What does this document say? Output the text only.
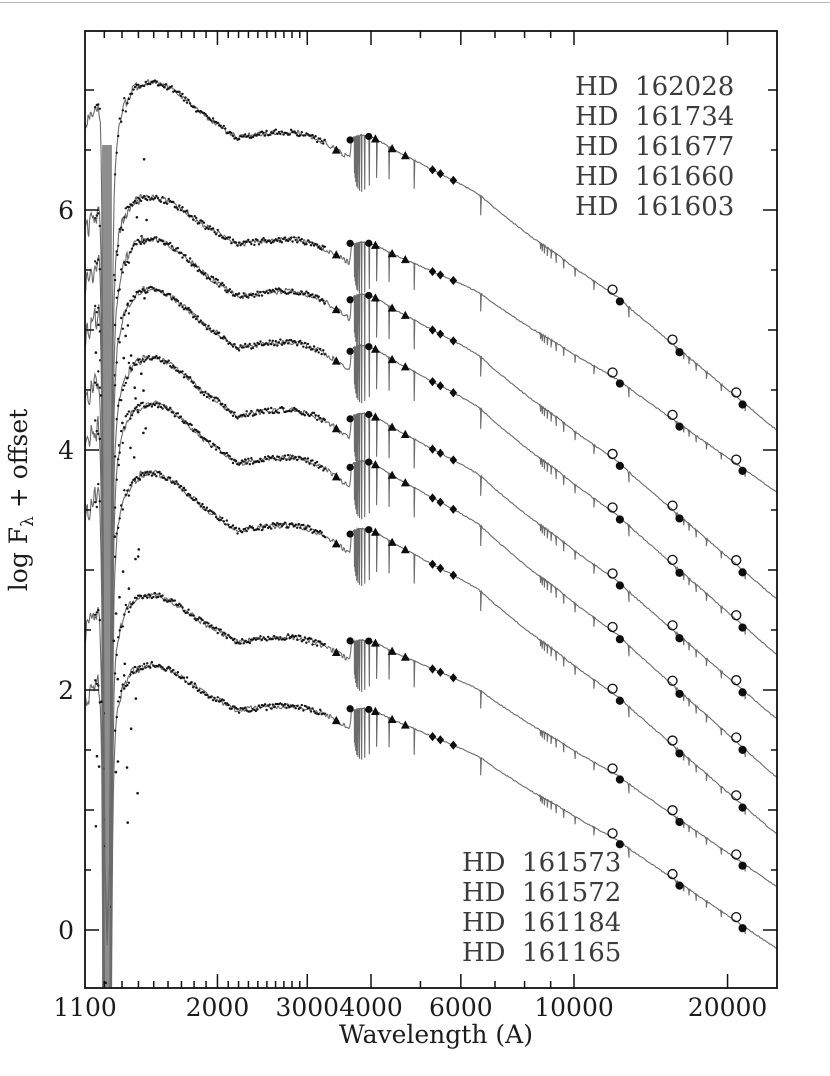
1100	2000 3000 4000 6000 10000	20000
0
2
4
6
Wavelength (A)
$\log F_\lambda$ + offset
HD  162028
HD  161734
HD  161677
HD  161660
HD  161603
HD  161573
HD  161572
HD  161184
HD  161165
